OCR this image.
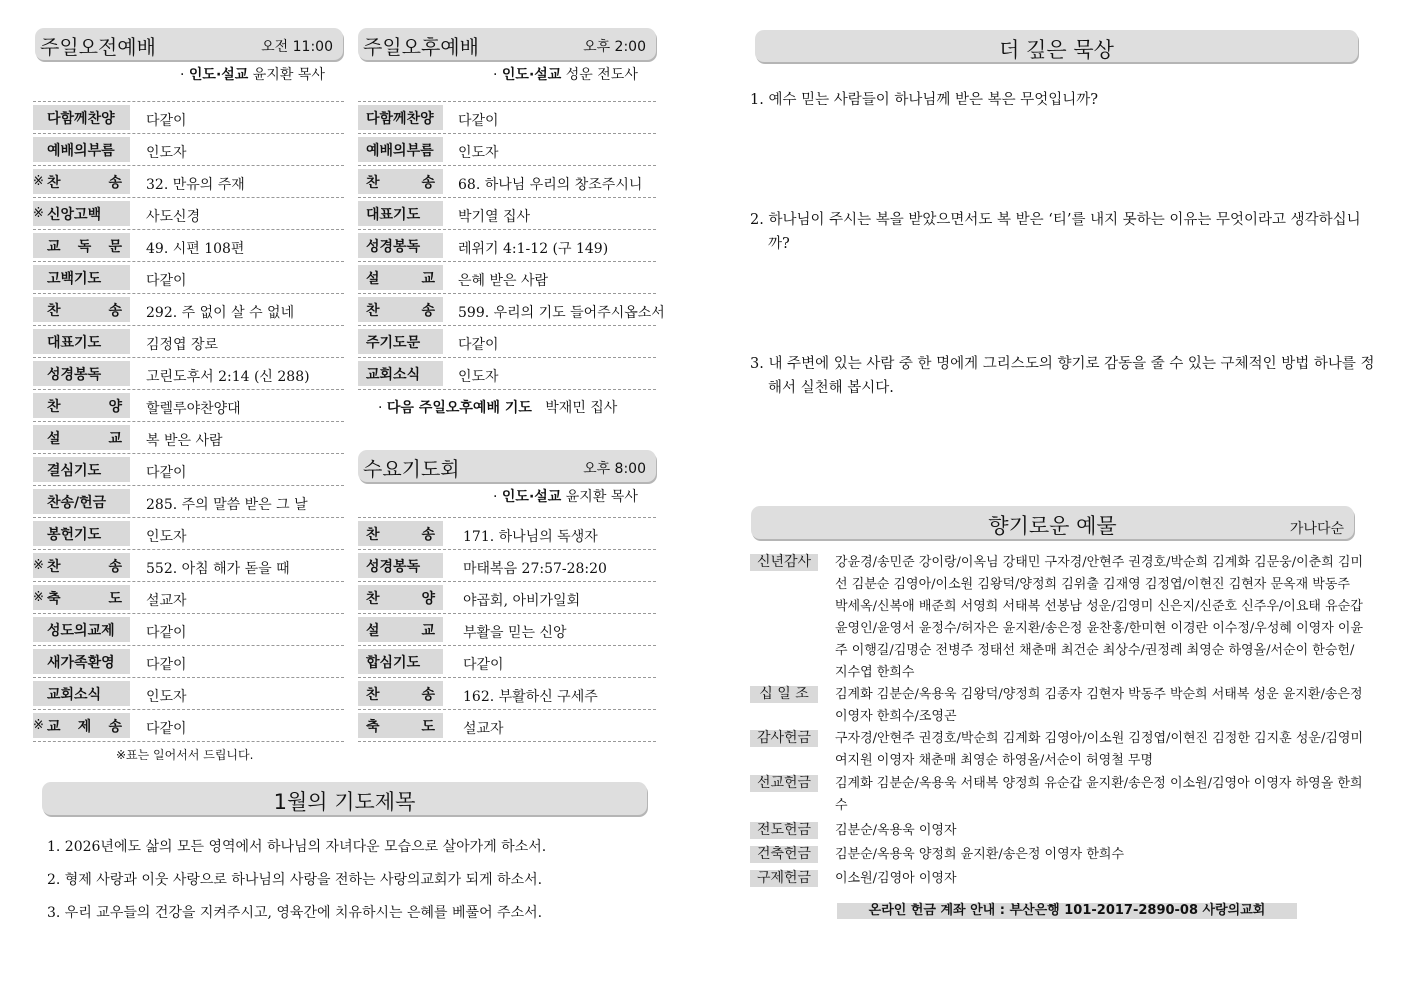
주일오전예배	오전 11:00
· 인도·설교 윤지환 목사
다함께찬양	다같이
예배의부름	인도자
※ 찬 송 32. 만유의 주재
※ 신앙고백	사도신경
교 독 문 49. 시편 108편
고백기도	다같이
찬 송 292. 주 없이 살 수 없네
대표기도	김정엽 장로
성경봉독	고린도후서 2:14 (신 288)
찬 양 할렐루야찬양대
설 교 복 받은 사람
결심기도	다같이
찬송/헌금	285. 주의 말씀 받은 그 날
봉헌기도	인도자
※ 찬 송 552. 아침 해가 돋을 때
※ 축 도 설교자
성도의교제	다같이
새가족환영	다같이
교회소식	인도자
※ 교 제 송 다같이
※표는 일어서서 드립니다.
주일오후예배	오후 2:00
· 인도·설교 성운 전도사
다함께찬양 다같이
예배의부름 인도자
찬 송 68. 하나님 우리의 창조주시니
대표기도	박기열 집사
성경봉독	레위기 4:1-12 (구 149)
설 교 은혜 받은 사람
찬 송 599. 우리의 기도 들어주시옵소서
주기도문	다같이
교회소식	인도자
· 다음 주일오후예배 기도 박재민 집사
수요기도회	오후 8:00
· 인도·설교 윤지환 목사
찬 송 171. 하나님의 독생자
성경봉독	마태복음 27:57-28:20
찬 양 야곱회, 아비가일회
설 교 부활을 믿는 신앙
합심기도	다같이
찬 송 162. 부활하신 구세주
축 도 설교자
1월의 기도제목
1. 2026년에도 삶의 모든 영역에서 하나님의 자녀다운 모습으로 살아가게 하소서.
2. 형제 사랑과 이웃 사랑으로 하나님의 사랑을 전하는 사랑의교회가 되게 하소서.
3. 우리 교우들의 건강을 지켜주시고, 영육간에 치유하시는 은혜를 베풀어 주소서.
더 깊은 묵상
1. 예수 믿는 사람들이 하나님께 받은 복은 무엇입니까?
2. 하나님이 주시는 복을 받았으면서도 복 받은 ‘티’를 내지 못하는 이유는 무엇이라고 생각하십니까?
3. 내 주변에 있는 사람 중 한 명에게 그리스도의 향기로 감동을 줄 수 있는 구체적인 방법 하나를 정해서 실천해 봅시다.
향기로운 예물	가나다순
신년감사	강윤경/송민준 강이랑/이옥님 강태민 구자경/안현주 권경호/박순희 김계화 김문웅/이춘희 김미선 김분순 김영아/이소원 김왕덕/양정희 김위출 김재영 김정엽/이현진 김현자 문옥재 박동주 박세옥/신복애 배준희 서영희 서태복 선봉남 성운/김영미 신은지/신준호 신주우/이요태 유순갑 윤영인/윤영서 윤정수/허자은 윤지환/송은정 윤찬홍/한미현 이경란 이수정/우성혜 이영자 이윤주 이행길/김명순 전병주 정태선 채춘매 최건순 최상수/권정례 최영순 하영올/서순이 한승헌/지수엽 한희수
십 일 조	김계화 김분순/옥용욱 김왕덕/양정희 김종자 김현자 박동주 박순희 서태복 성운 윤지환/송은정 이영자 한희수/조영곤
감사헌금	구자경/안현주 권경호/박순희 김계화 김영아/이소원 김정엽/이현진 김정한 김지훈 성운/김영미 여지원 이영자 채춘매 최영순 하영올/서순이 허영철 무명
선교헌금	김계화 김분순/옥용욱 서태복 양정희 유순갑 윤지환/송은정 이소원/김영아 이영자 하영올 한희수
전도헌금	김분순/옥용욱 이영자
건축헌금	김분순/옥용욱 양정희 윤지환/송은정 이영자 한희수
구제헌금	이소원/김영아 이영자
온라인 헌금 계좌 안내 : 부산은행 101-2017-2890-08 사랑의교회
